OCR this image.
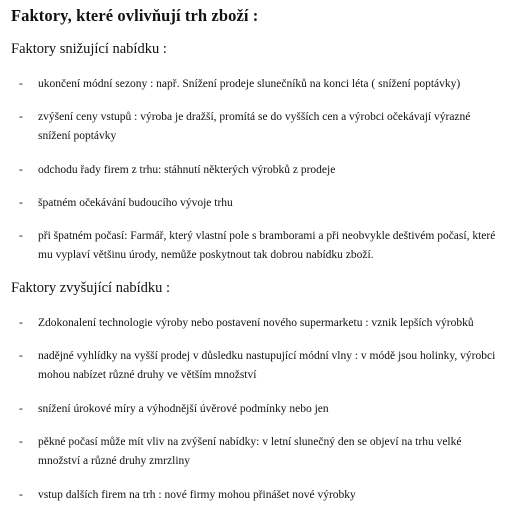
Faktory, které ovlivňují trh zboží :
Faktory snižující nabídku :
- ukončení módní sezony : např. Snížení prodeje slunečníků na konci léta ( snížení poptávky)

- zvýšení ceny vstupů : výroba je dražší, promítá se do vyšších cen a výrobci očekávají výrazné snížení poptávky

- odchodu řady firem z trhu: stáhnutí některých výrobků z prodeje

- špatném očekávání budoucího vývoje trhu

- při špatném počasí: Farmář, který vlastní pole s bramborami a při neobvykle deštivém počasí, které mu vyplaví většinu úrody, nemůže poskytnout tak dobrou nabídku zboží.

Faktory zvyšující nabídku :
- Zdokonalení technologie výroby nebo postavení nového supermarketu : vznik lepších výrobků

- nadějné vyhlídky na vyšší prodej v důsledku nastupující módní vlny : v módě jsou holinky, výrobci mohou nabízet různé druhy ve větším množství

- snížení úrokové míry a výhodnější úvěrové podmínky nebo jen

- pěkné počasí může mít vliv na zvýšení nabídky: v letní slunečný den se objeví na trhu velké množství a různé druhy zmrzliny

- vstup dalších firem na trh : nové firmy mohou přinášet nové výrobky
